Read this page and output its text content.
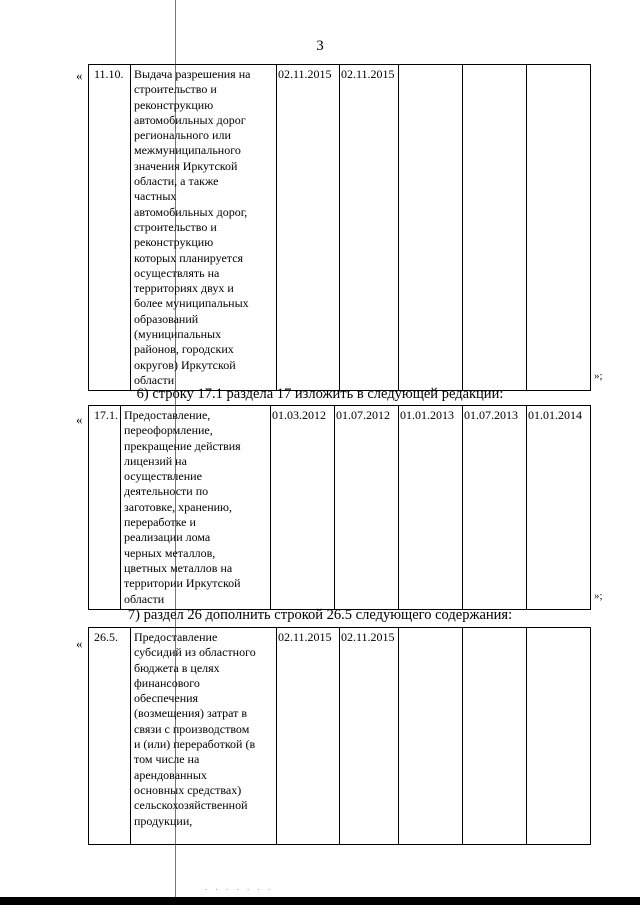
3
« 11.10.	Выдача разрешения на
строительство и
реконструкцию
автомобильных дорог
регионального или
межмуниципального
значения Иркутской
области, а также
частных
автомобильных дорог,
строительство и
реконструкцию
которых планируется
осуществлять на
территориях двух и
более муниципальных
образований
(муниципальных
районов, городских
округов) Иркутской
области	02.11.2015	02.11.2015			
»;
6) строку 17.1 раздела 17 изложить в следующей редакции:
« 17.1.	Предоставление,
переоформление,
прекращение действия
лицензий на
осуществление
деятельности по
заготовке, хранению,
переработке и
реализации лома
черных металлов,
цветных металлов на
территории Иркутской
области	01.03.2012	01.07.2012	01.01.2013	01.07.2013	01.01.2014
»;
7) раздел 26 дополнить строкой 26.5 следующего содержания:
« 26.5.	Предоставление
субсидий из областного
бюджета в целях
финансового
обеспечения
(возмещения) затрат в
связи с производством
и (или) переработкой (в
том числе на
арендованных
основных средствах)
сельскохозяйственной
продукции,	02.11.2015	02.11.2015			
. . . . . . .
